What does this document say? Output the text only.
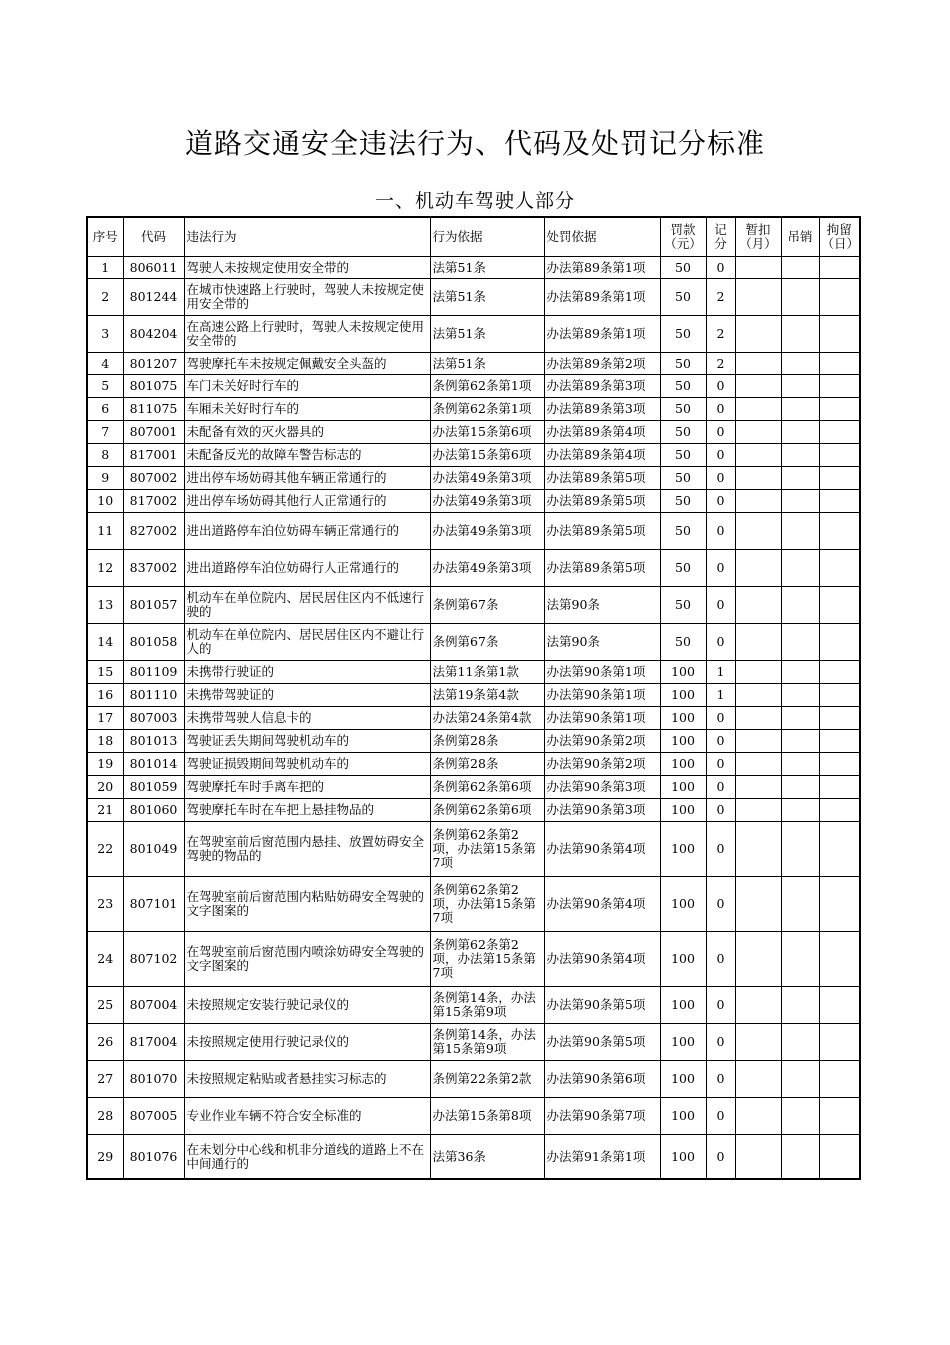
道路交通安全违法行为、代码及处罚记分标准
一、机动车驾驶人部分
序号	代码	违法行为	行为依据	处罚依据	罚款（元）	记分	暂扣（月）	吊销	拘留（日）
1	806011	驾驶人未按规定使用安全带的	法第51条	办法第89条第1项	50	0			
2	801244	在城市快速路上行驶时，驾驶人未按规定使用安全带的	法第51条	办法第89条第1项	50	2			
3	804204	在高速公路上行驶时，驾驶人未按规定使用安全带的	法第51条	办法第89条第1项	50	2			
4	801207	驾驶摩托车未按规定佩戴安全头盔的	法第51条	办法第89条第2项	50	2			
5	801075	车门未关好时行车的	条例第62条第1项	办法第89条第3项	50	0			
6	811075	车厢未关好时行车的	条例第62条第1项	办法第89条第3项	50	0			
7	807001	未配备有效的灭火器具的	办法第15条第6项	办法第89条第4项	50	0			
8	817001	未配备反光的故障车警告标志的	办法第15条第6项	办法第89条第4项	50	0			
9	807002	进出停车场妨碍其他车辆正常通行的	办法第49条第3项	办法第89条第5项	50	0			
10	817002	进出停车场妨碍其他行人正常通行的	办法第49条第3项	办法第89条第5项	50	0			
11	827002	进出道路停车泊位妨碍车辆正常通行的	办法第49条第3项	办法第89条第5项	50	0			
12	837002	进出道路停车泊位妨碍行人正常通行的	办法第49条第3项	办法第89条第5项	50	0			
13	801057	机动车在单位院内、居民居住区内不低速行驶的	条例第67条	法第90条	50	0			
14	801058	机动车在单位院内、居民居住区内不避让行人的	条例第67条	法第90条	50	0			
15	801109	未携带行驶证的	法第11条第1款	办法第90条第1项	100	1			
16	801110	未携带驾驶证的	法第19条第4款	办法第90条第1项	100	1			
17	807003	未携带驾驶人信息卡的	办法第24条第4款	办法第90条第1项	100	0			
18	801013	驾驶证丢失期间驾驶机动车的	条例第28条	办法第90条第2项	100	0			
19	801014	驾驶证损毁期间驾驶机动车的	条例第28条	办法第90条第2项	100	0			
20	801059	驾驶摩托车时手离车把的	条例第62条第6项	办法第90条第3项	100	0			
21	801060	驾驶摩托车时在车把上悬挂物品的	条例第62条第6项	办法第90条第3项	100	0			
22	801049	在驾驶室前后窗范围内悬挂、放置妨碍安全驾驶的物品的	条例第62条第2项，办法第15条第7项	办法第90条第4项	100	0			
23	807101	在驾驶室前后窗范围内粘贴妨碍安全驾驶的文字图案的	条例第62条第2项，办法第15条第7项	办法第90条第4项	100	0			
24	807102	在驾驶室前后窗范围内喷涂妨碍安全驾驶的文字图案的	条例第62条第2项，办法第15条第7项	办法第90条第4项	100	0			
25	807004	未按照规定安装行驶记录仪的	条例第14条，办法第15条第9项	办法第90条第5项	100	0			
26	817004	未按照规定使用行驶记录仪的	条例第14条，办法第15条第9项	办法第90条第5项	100	0			
27	801070	未按照规定粘贴或者悬挂实习标志的	条例第22条第2款	办法第90条第6项	100	0			
28	807005	专业作业车辆不符合安全标准的	办法第15条第8项	办法第90条第7项	100	0			
29	801076	在未划分中心线和机非分道线的道路上不在中间通行的	法第36条	办法第91条第1项	100	0			
